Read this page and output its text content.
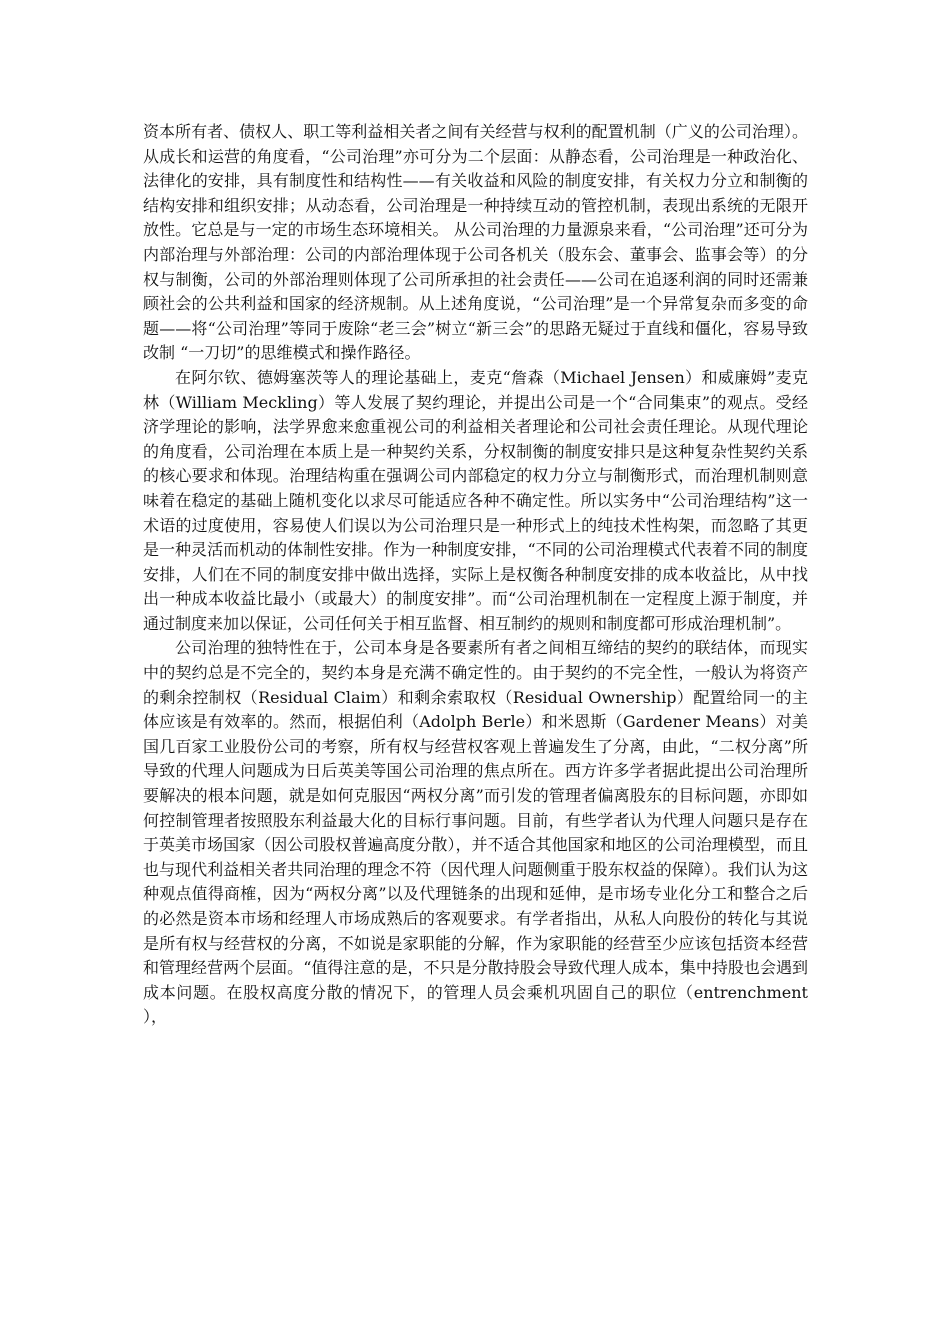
资本所有者、债权人、职工等利益相关者之间有关经营与权利的配置机制（广义的公司治理）。从成长和运营的角度看，“公司治理”亦可分为二个层面：从静态看，公司治理是一种政治化、法律化的安排，具有制度性和结构性——有关收益和风险的制度安排，有关权力分立和制衡的结构安排和组织安排；从动态看，公司治理是一种持续互动的管控机制，表现出系统的无限开放性。它总是与一定的市场生态环境相关。 从公司治理的力量源泉来看，“公司治理”还可分为内部治理与外部治理：公司的内部治理体现于公司各机关（股东会、董事会、监事会等）的分权与制衡，公司的外部治理则体现了公司所承担的社会责任——公司在追逐利润的同时还需兼顾社会的公共利益和国家的经济规制。从上述角度说，“公司治理”是一个异常复杂而多变的命题——将“公司治理”等同于废除“老三会”树立“新三会”的思路无疑过于直线和僵化，容易导致改制 “一刀切”的思维模式和操作路径。

在阿尔钦、德姆塞茨等人的理论基础上，麦克“詹森（Michael Jensen）和威廉姆”麦克林（William Meckling）等人发展了契约理论，并提出公司是一个“合同集束”的观点。受经济学理论的影响，法学界愈来愈重视公司的利益相关者理论和公司社会责任理论。从现代理论的角度看，公司治理在本质上是一种契约关系，分权制衡的制度安排只是这种复杂性契约关系的核心要求和体现。治理结构重在强调公司内部稳定的权力分立与制衡形式，而治理机制则意味着在稳定的基础上随机变化以求尽可能适应各种不确定性。所以实务中“公司治理结构”这一术语的过度使用，容易使人们误以为公司治理只是一种形式上的纯技术性构架，而忽略了其更是一种灵活而机动的体制性安排。作为一种制度安排，“不同的公司治理模式代表着不同的制度安排，人们在不同的制度安排中做出选择，实际上是权衡各种制度安排的成本收益比，从中找出一种成本收益比最小（或最大）的制度安排”。而“公司治理机制在一定程度上源于制度，并通过制度来加以保证，公司任何关于相互监督、相互制约的规则和制度都可形成治理机制”。

公司治理的独特性在于，公司本身是各要素所有者之间相互缔结的契约的联结体，而现实中的契约总是不完全的，契约本身是充满不确定性的。由于契约的不完全性，一般认为将资产的剩余控制权（Residual Claim）和剩余索取权（Residual Ownership）配置给同一的主体应该是有效率的。然而，根据伯利（Adolph Berle）和米恩斯（Gardener Means）对美国几百家工业股份公司的考察，所有权与经营权客观上普遍发生了分离，由此，“二权分离”所导致的代理人问题成为日后英美等国公司治理的焦点所在。西方许多学者据此提出公司治理所要解决的根本问题，就是如何克服因“两权分离”而引发的管理者偏离股东的目标问题，亦即如何控制管理者按照股东利益最大化的目标行事问题。目前，有些学者认为代理人问题只是存在于英美市场国家（因公司股权普遍高度分散），并不适合其他国家和地区的公司治理模型，而且也与现代利益相关者共同治理的理念不符（因代理人问题侧重于股东权益的保障）。我们认为这种观点值得商榷，因为“两权分离”以及代理链条的出现和延伸，是市场专业化分工和整合之后的必然是资本市场和经理人市场成熟后的客观要求。有学者指出，从私人向股份的转化与其说是所有权与经营权的分离，不如说是家职能的分解，作为家职能的经营至少应该包括资本经营和管理经营两个层面。“值得注意的是，不只是分散持股会导致代理人成本，集中持股也会遇到成本问题。在股权高度分散的情况下，的管理人员会乘机巩固自己的职位（entrenchment ），
